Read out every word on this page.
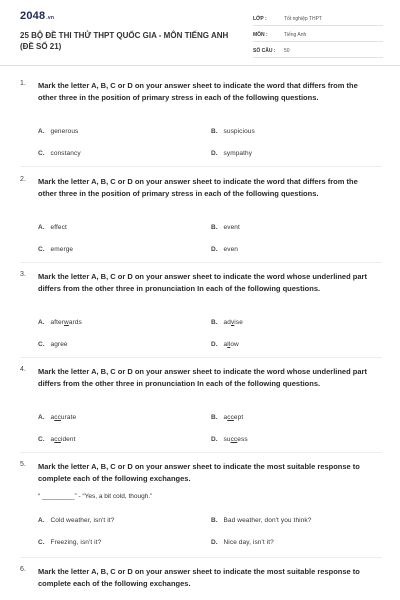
2048.vn
25 BỘ ĐỀ THI THỬ THPT QUỐC GIA - MÔN TIẾNG ANH (ĐỀ SỐ 21)
LỚP :	Tốt nghiệp THPT
MÔN :	Tiếng Anh
SỐ CÂU : 50
1. Mark the letter A, B, C or D on your answer sheet to indicate the word that differs from the other three in the position of primary stress in each of the following questions.
A. generous	B. suspicious
C. constancy	D. sympathy
2. Mark the letter A, B, C or D on your answer sheet to indicate the word that differs from the other three in the position of primary stress in each of the following questions.
A. effect	B. event
C. emerge	D. even
3. Mark the letter A, B, C or D on your answer sheet to indicate the word whose underlined part differs from the other three in pronunciation In each of the following questions.
A. afterwards	B. advise
C. agree	D. allow
4. Mark the letter A, B, C or D on your answer sheet to indicate the word whose underlined part differs from the other three in pronunciation In each of the following questions.
A. accurate	B. accept
C. accident	D. success
5. Mark the letter A, B, C or D on your answer sheet to indicate the most suitable response to complete each of the following exchanges.
“ _________” - “Yes, a bit cold, though.”
A. Cold weather, isn't it?	B. Bad weather, don't you think?
C. Freezing, isn't it?	D. Nice day, isn't it?
6. Mark the letter A, B, C or D on your answer sheet to indicate the most suitable response to complete each of the following exchanges.
